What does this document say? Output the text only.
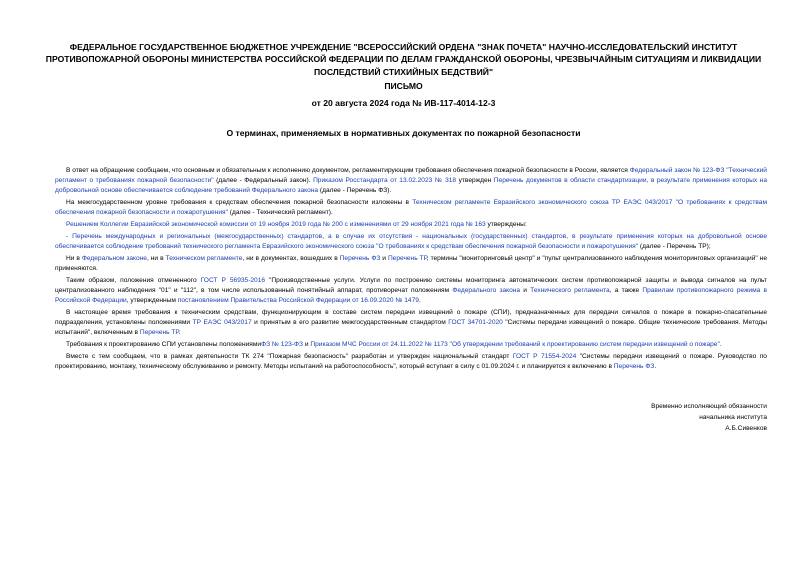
ФЕДЕРАЛЬНОЕ ГОСУДАРСТВЕННОЕ БЮДЖЕТНОЕ УЧРЕЖДЕНИЕ "ВСЕРОССИЙСКИЙ ОРДЕНА "ЗНАК ПОЧЕТА" НАУЧНО-ИССЛЕДОВАТЕЛЬСКИЙ ИНСТИТУТ ПРОТИВОПОЖАРНОЙ ОБОРОНЫ МИНИСТЕРСТВА РОССИЙСКОЙ ФЕДЕРАЦИИ ПО ДЕЛАМ ГРАЖДАНСКОЙ ОБОРОНЫ, ЧРЕЗВЫЧАЙНЫМ СИТУАЦИЯМ И ЛИКВИДАЦИИ ПОСЛЕДСТВИЙ СТИХИЙНЫХ БЕДСТВИЙ"
ПИСЬМО
от 20 августа 2024 года № ИВ-117-4014-12-3
О терминах, применяемых в нормативных документах по пожарной безопасности

В ответ на обращение сообщаем, что основным и обязательным к исполнению документом, регламентирующим требования обеспечения пожарной безопасности в России, является Федеральный закон № 123-ФЗ "Технический регламент о требованиях пожарной безопасности" (далее - Федеральный закон). Приказом Росстандарта от 13.02.2023 № 318 утвержден Перечень документов в области стандартизации, в результате применения которых на добровольной основе обеспечивается соблюдение требований Федерального закона (далее - Перечень ФЗ).

На межгосударственном уровне требования к средствам обеспечения пожарной безопасности изложены в Техническом регламенте Евразийского экономического союза ТР ЕАЭС 043/2017 "О требованиях к средствам обеспечения пожарной безопасности и пожаротушения" (далее - Технический регламент).

Решением Коллегии Евразийской экономической комиссии от 19 ноября 2019 года № 200 с изменениями от 29 ноября 2021 года № 163 утверждены:

- Перечень международных и региональных (межгосударственных) стандартов, а в случае их отсутствия - национальных (государственных) стандартов, в результате применения которых на добровольной основе обеспечивается соблюдение требований технического регламента Евразийского экономического союза "О требованиях к средствам обеспечения пожарной безопасности и пожаротушения" (далее - Перечень ТР);

Ни в Федеральном законе, ни в Техническом регламенте, ни в документах, вошедших в Перечень ФЗ и Перечень ТР, термины "мониторинговый центр" и "пульт централизованного наблюдения мониторинговых организаций" не применяются.

Таким образом, положения отмененного ГОСТ Р 56935-2016 "Производственные услуги. Услуги по построению системы мониторинга автоматических систем противопожарной защиты и вывода сигналов на пульт централизованного наблюдения "01" и "112", в том числе использованный понятийный аппарат, противоречат положениям Федерального закона и Технического регламента, а также Правилам противопожарного режима в Российской Федерации, утвержденным постановлением Правительства Российской Федерации от 16.09.2020 № 1479.

В настоящее время требования к техническим средствам, функционирующим в составе систем передачи извещений о пожаре (СПИ), предназначенных для передачи сигналов о пожаре в пожарно-спасательные подразделения, установлены положениями ТР ЕАЭС 043/2017 и принятым в его развитие межгосударственным стандартом ГОСТ 34701-2020 "Системы передачи извещений о пожаре. Общие технические требования. Методы испытаний", включенным в Перечень ТР.

Требования к проектированию СПИ установлены положениямиФЗ № 123-ФЗ и Приказом МЧС России от 24.11.2022 № 1173 "Об утверждении требований к проектированию систем передачи извещений о пожаре".

Вместе с тем сообщаем, что в рамках деятельности ТК 274 "Пожарная безопасность" разработан и утвержден национальный стандарт ГОСТ Р 71554-2024 "Системы передачи извещений о пожаре. Руководство по проектированию, монтажу, техническому обслуживанию и ремонту. Методы испытаний на работоспособность", который вступает в силу с 01.09.2024 г. и планируется к включению в Перечень ФЗ.

Временно исполняющий обязанности
начальника института
А.Б.Сивенков
